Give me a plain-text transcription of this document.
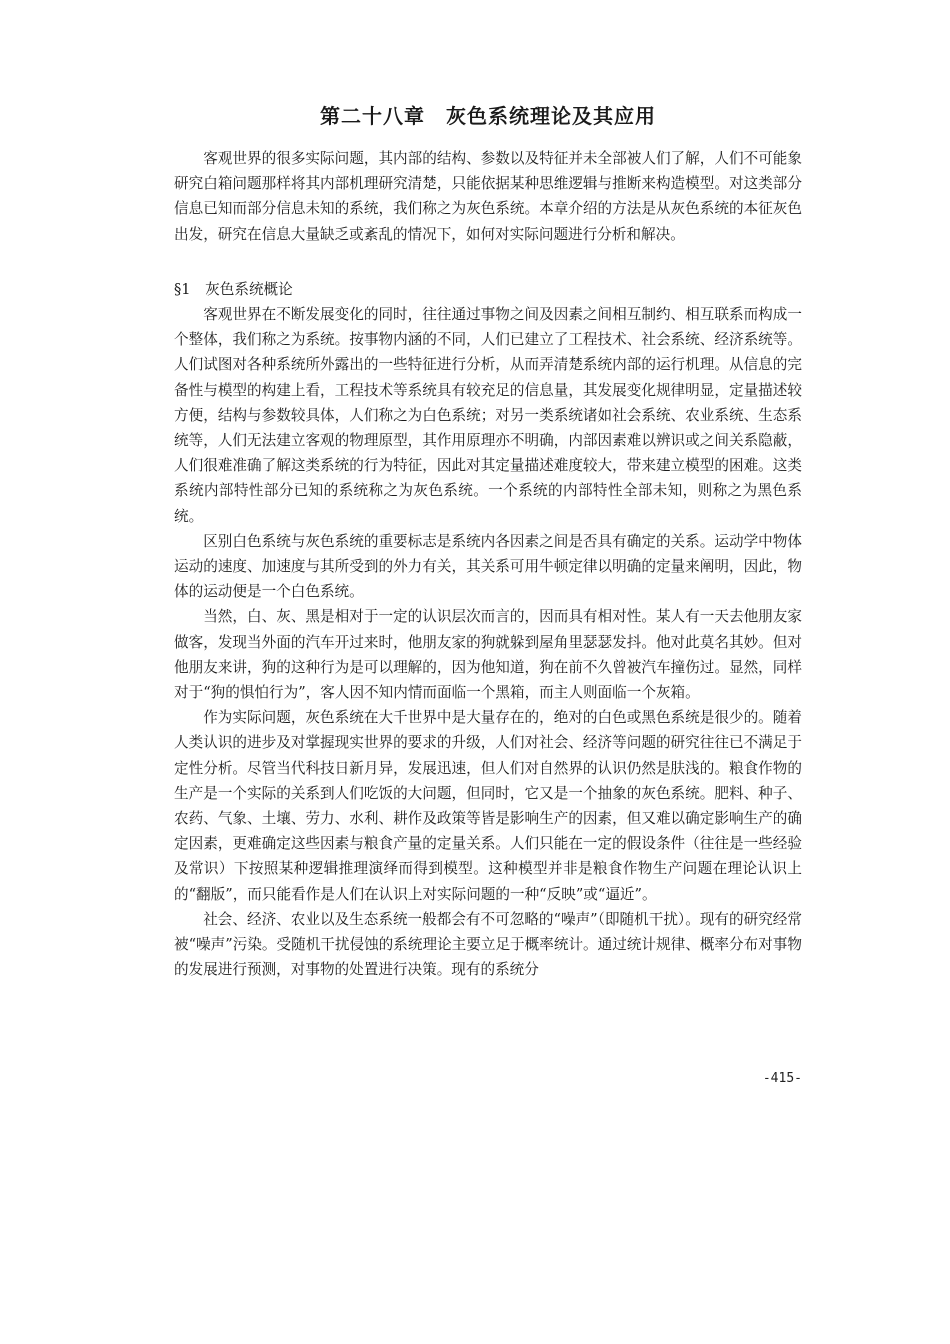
第二十八章　灰色系统理论及其应用

客观世界的很多实际问题，其内部的结构、参数以及特征并未全部被人们了解，人们不可能象研究白箱问题那样将其内部机理研究清楚，只能依据某种思维逻辑与推断来构造模型。对这类部分信息已知而部分信息未知的系统，我们称之为灰色系统。本章介绍的方法是从灰色系统的本征灰色出发，研究在信息大量缺乏或紊乱的情况下，如何对实际问题进行分析和解决。

§1　灰色系统概论

客观世界在不断发展变化的同时，往往通过事物之间及因素之间相互制约、相互联系而构成一个整体，我们称之为系统。按事物内涵的不同，人们已建立了工程技术、社会系统、经济系统等。人们试图对各种系统所外露出的一些特征进行分析，从而弄清楚系统内部的运行机理。从信息的完备性与模型的构建上看，工程技术等系统具有较充足的信息量，其发展变化规律明显，定量描述较方便，结构与参数较具体，人们称之为白色系统；对另一类系统诸如社会系统、农业系统、生态系统等，人们无法建立客观的物理原型，其作用原理亦不明确，内部因素难以辨识或之间关系隐蔽，人们很难准确了解这类系统的行为特征，因此对其定量描述难度较大，带来建立模型的困难。这类系统内部特性部分已知的系统称之为灰色系统。一个系统的内部特性全部未知，则称之为黑色系统。

区别白色系统与灰色系统的重要标志是系统内各因素之间是否具有确定的关系。运动学中物体运动的速度、加速度与其所受到的外力有关，其关系可用牛顿定律以明确的定量来阐明，因此，物体的运动便是一个白色系统。

当然，白、灰、黑是相对于一定的认识层次而言的，因而具有相对性。某人有一天去他朋友家做客，发现当外面的汽车开过来时，他朋友家的狗就躲到屋角里瑟瑟发抖。他对此莫名其妙。但对他朋友来讲，狗的这种行为是可以理解的，因为他知道，狗在前不久曾被汽车撞伤过。显然，同样对于“狗的惧怕行为”，客人因不知内情而面临一个黑箱，而主人则面临一个灰箱。

作为实际问题，灰色系统在大千世界中是大量存在的，绝对的白色或黑色系统是很少的。随着人类认识的进步及对掌握现实世界的要求的升级，人们对社会、经济等问题的研究往往已不满足于定性分析。尽管当代科技日新月异，发展迅速，但人们对自然界的认识仍然是肤浅的。粮食作物的生产是一个实际的关系到人们吃饭的大问题，但同时，它又是一个抽象的灰色系统。肥料、种子、农药、气象、土壤、劳力、水利、耕作及政策等皆是影响生产的因素，但又难以确定影响生产的确定因素，更难确定这些因素与粮食产量的定量关系。人们只能在一定的假设条件（往往是一些经验及常识）下按照某种逻辑推理演绎而得到模型。这种模型并非是粮食作物生产问题在理论认识上的“翻版”，而只能看作是人们在认识上对实际问题的一种“反映”或“逼近”。

社会、经济、农业以及生态系统一般都会有不可忽略的“噪声”（即随机干扰）。现有的研究经常被“噪声”污染。受随机干扰侵蚀的系统理论主要立足于概率统计。通过统计规律、概率分布对事物的发展进行预测，对事物的处置进行决策。现有的系统分

-415-
